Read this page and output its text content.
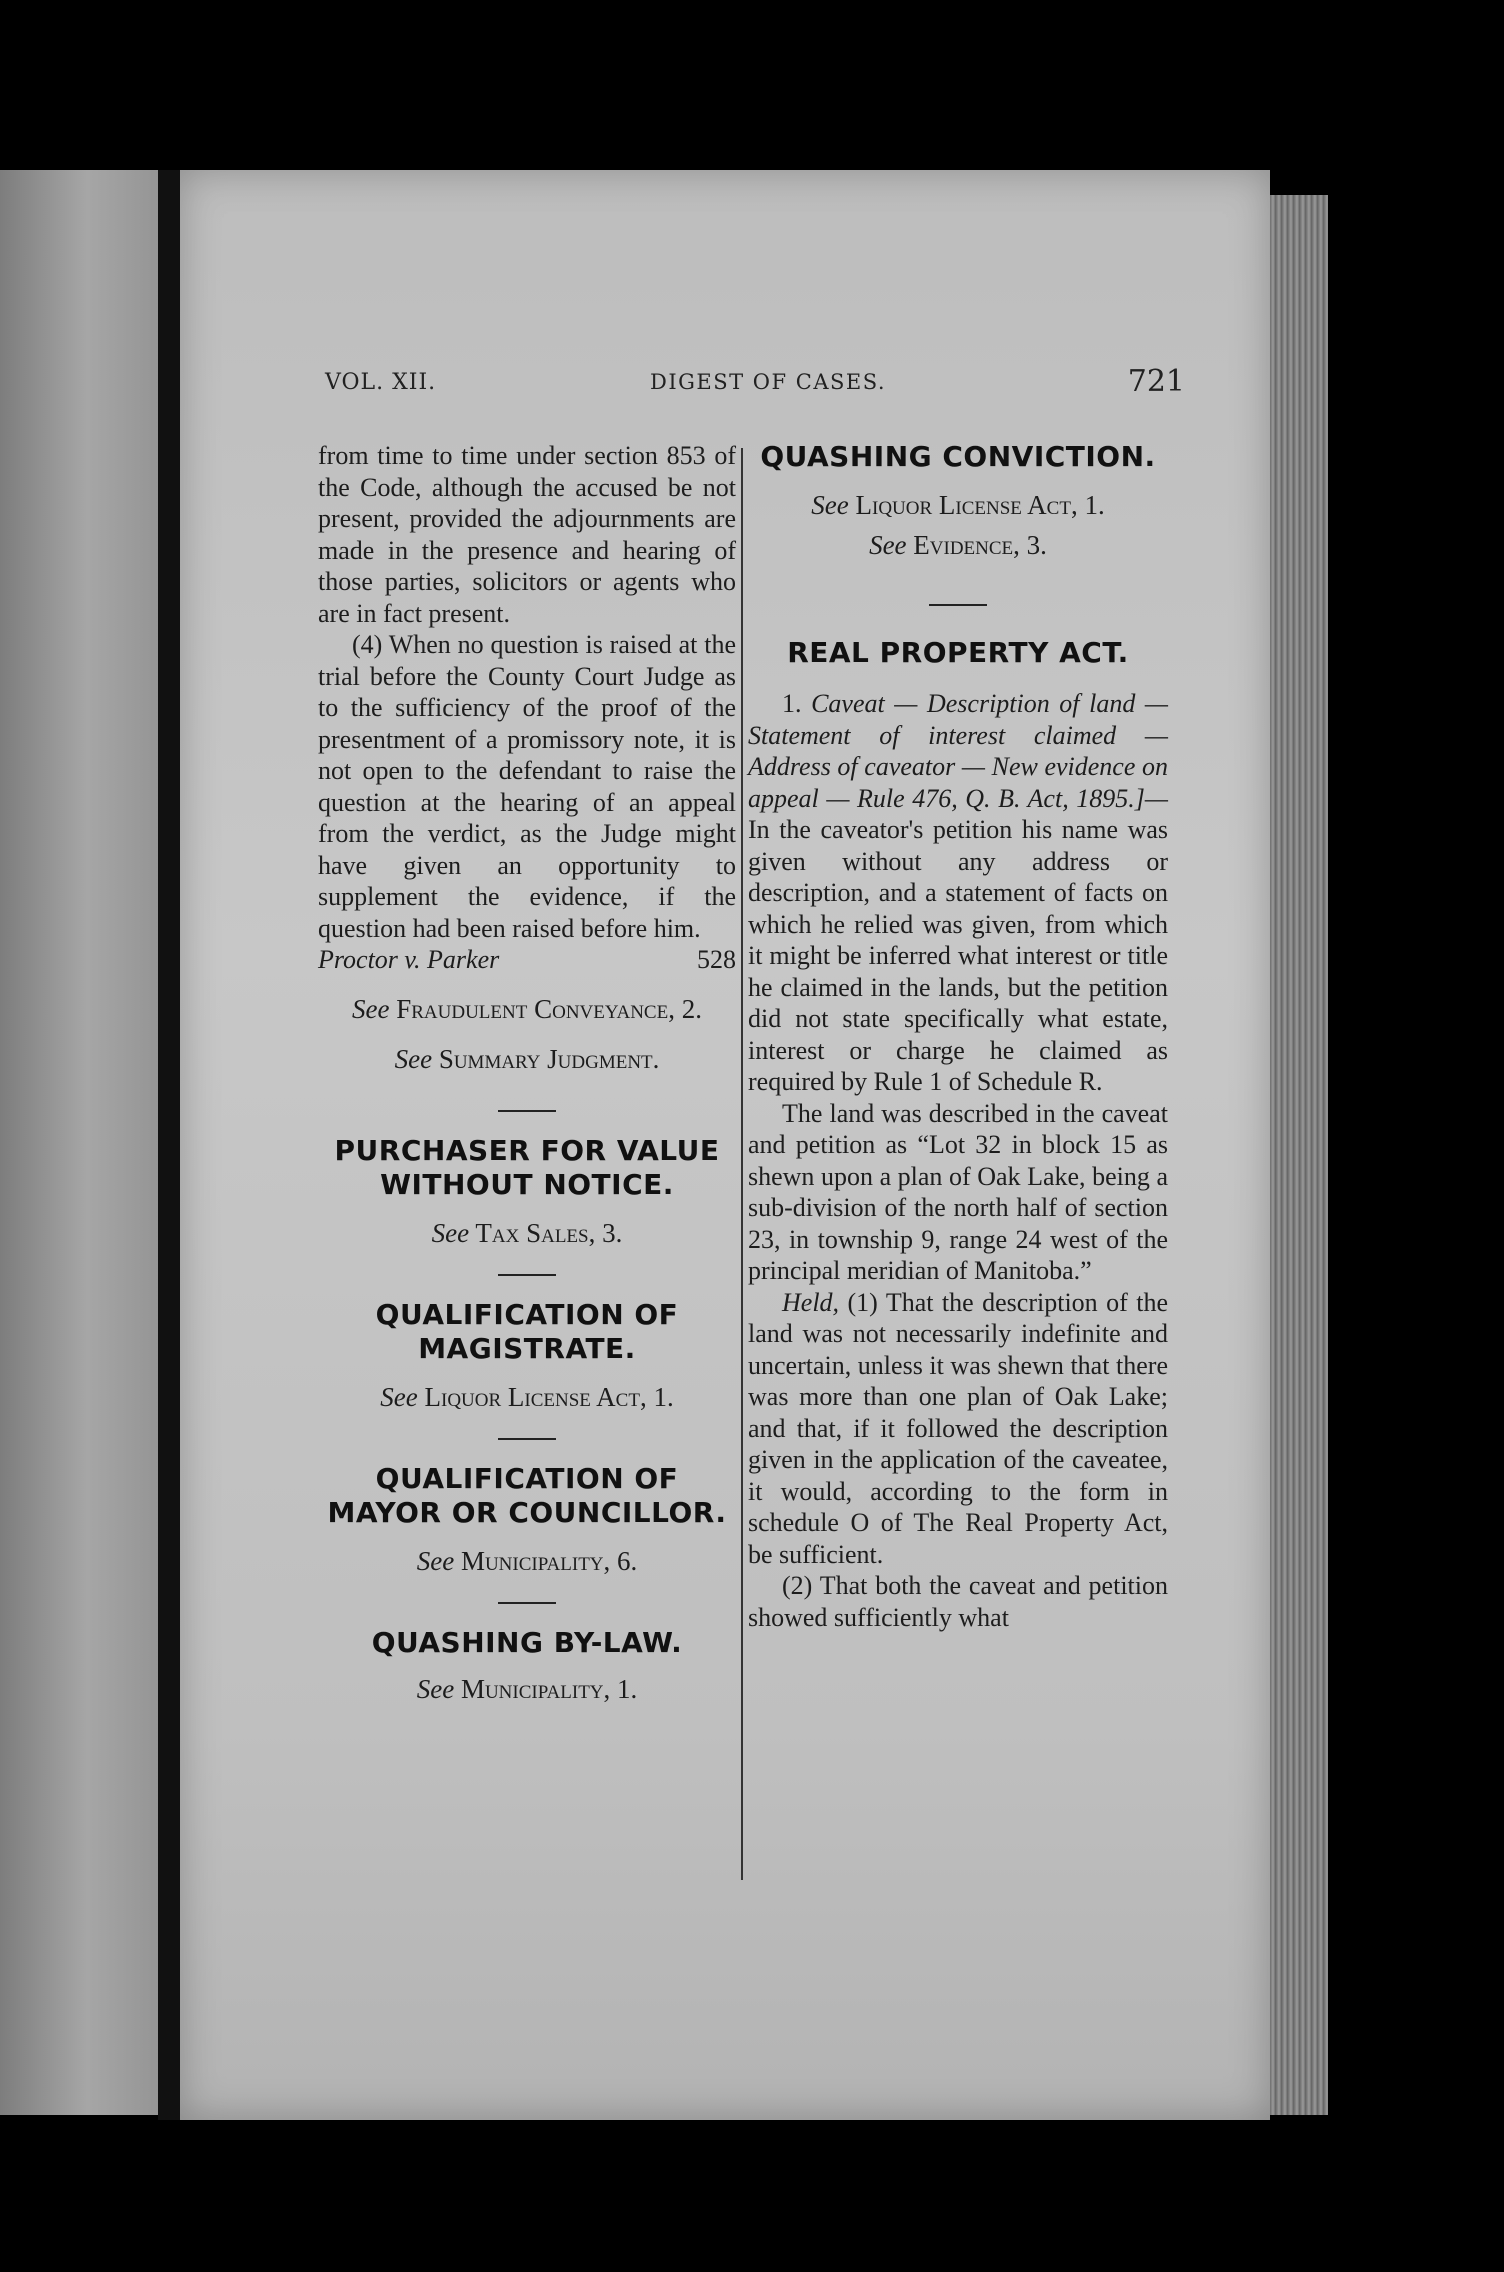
VOL. XII.	DIGEST OF CASES.	721

from time to time under section 853 of the Code, although the accused be not present, provided the adjournments are made in the presence and hearing of those parties, solicitors or agents who are in fact present.

(4) When no question is raised at the trial before the County Court Judge as to the sufficiency of the proof of the presentment of a promissory note, it is not open to the defendant to raise the question at the hearing of an appeal from the verdict, as the Judge might have given an opportunity to supplement the evidence, if the question had been raised before him.

Proctor v. Parker	528

See Fraudulent Conveyance, 2.

See Summary Judgment.

PURCHASER FOR VALUE WITHOUT NOTICE.

See Tax Sales, 3.

QUALIFICATION OF MAGISTRATE.

See Liquor License Act, 1.

QUALIFICATION OF MAYOR OR COUNCILLOR.

See Municipality, 6.

QUASHING BY-LAW.

See Municipality, 1.

QUASHING CONVICTION.

See Liquor License Act, 1.

See Evidence, 3.

REAL PROPERTY ACT.

1. Caveat — Description of land — Statement of interest claimed — Address of caveator — New evidence on appeal — Rule 476, Q. B. Act, 1895.]— In the caveator's petition his name was given without any address or description, and a statement of facts on which he relied was given, from which it might be inferred what interest or title he claimed in the lands, but the petition did not state specifically what estate, interest or charge he claimed as required by Rule 1 of Schedule R.

The land was described in the caveat and petition as “Lot 32 in block 15 as shewn upon a plan of Oak Lake, being a sub-division of the north half of section 23, in township 9, range 24 west of the principal meridian of Manitoba.”

Held, (1) That the description of the land was not necessarily indefinite and uncertain, unless it was shewn that there was more than one plan of Oak Lake; and that, if it followed the description given in the application of the caveatee, it would, according to the form in schedule O of The Real Property Act, be sufficient.

(2) That both the caveat and petition showed sufficiently what
